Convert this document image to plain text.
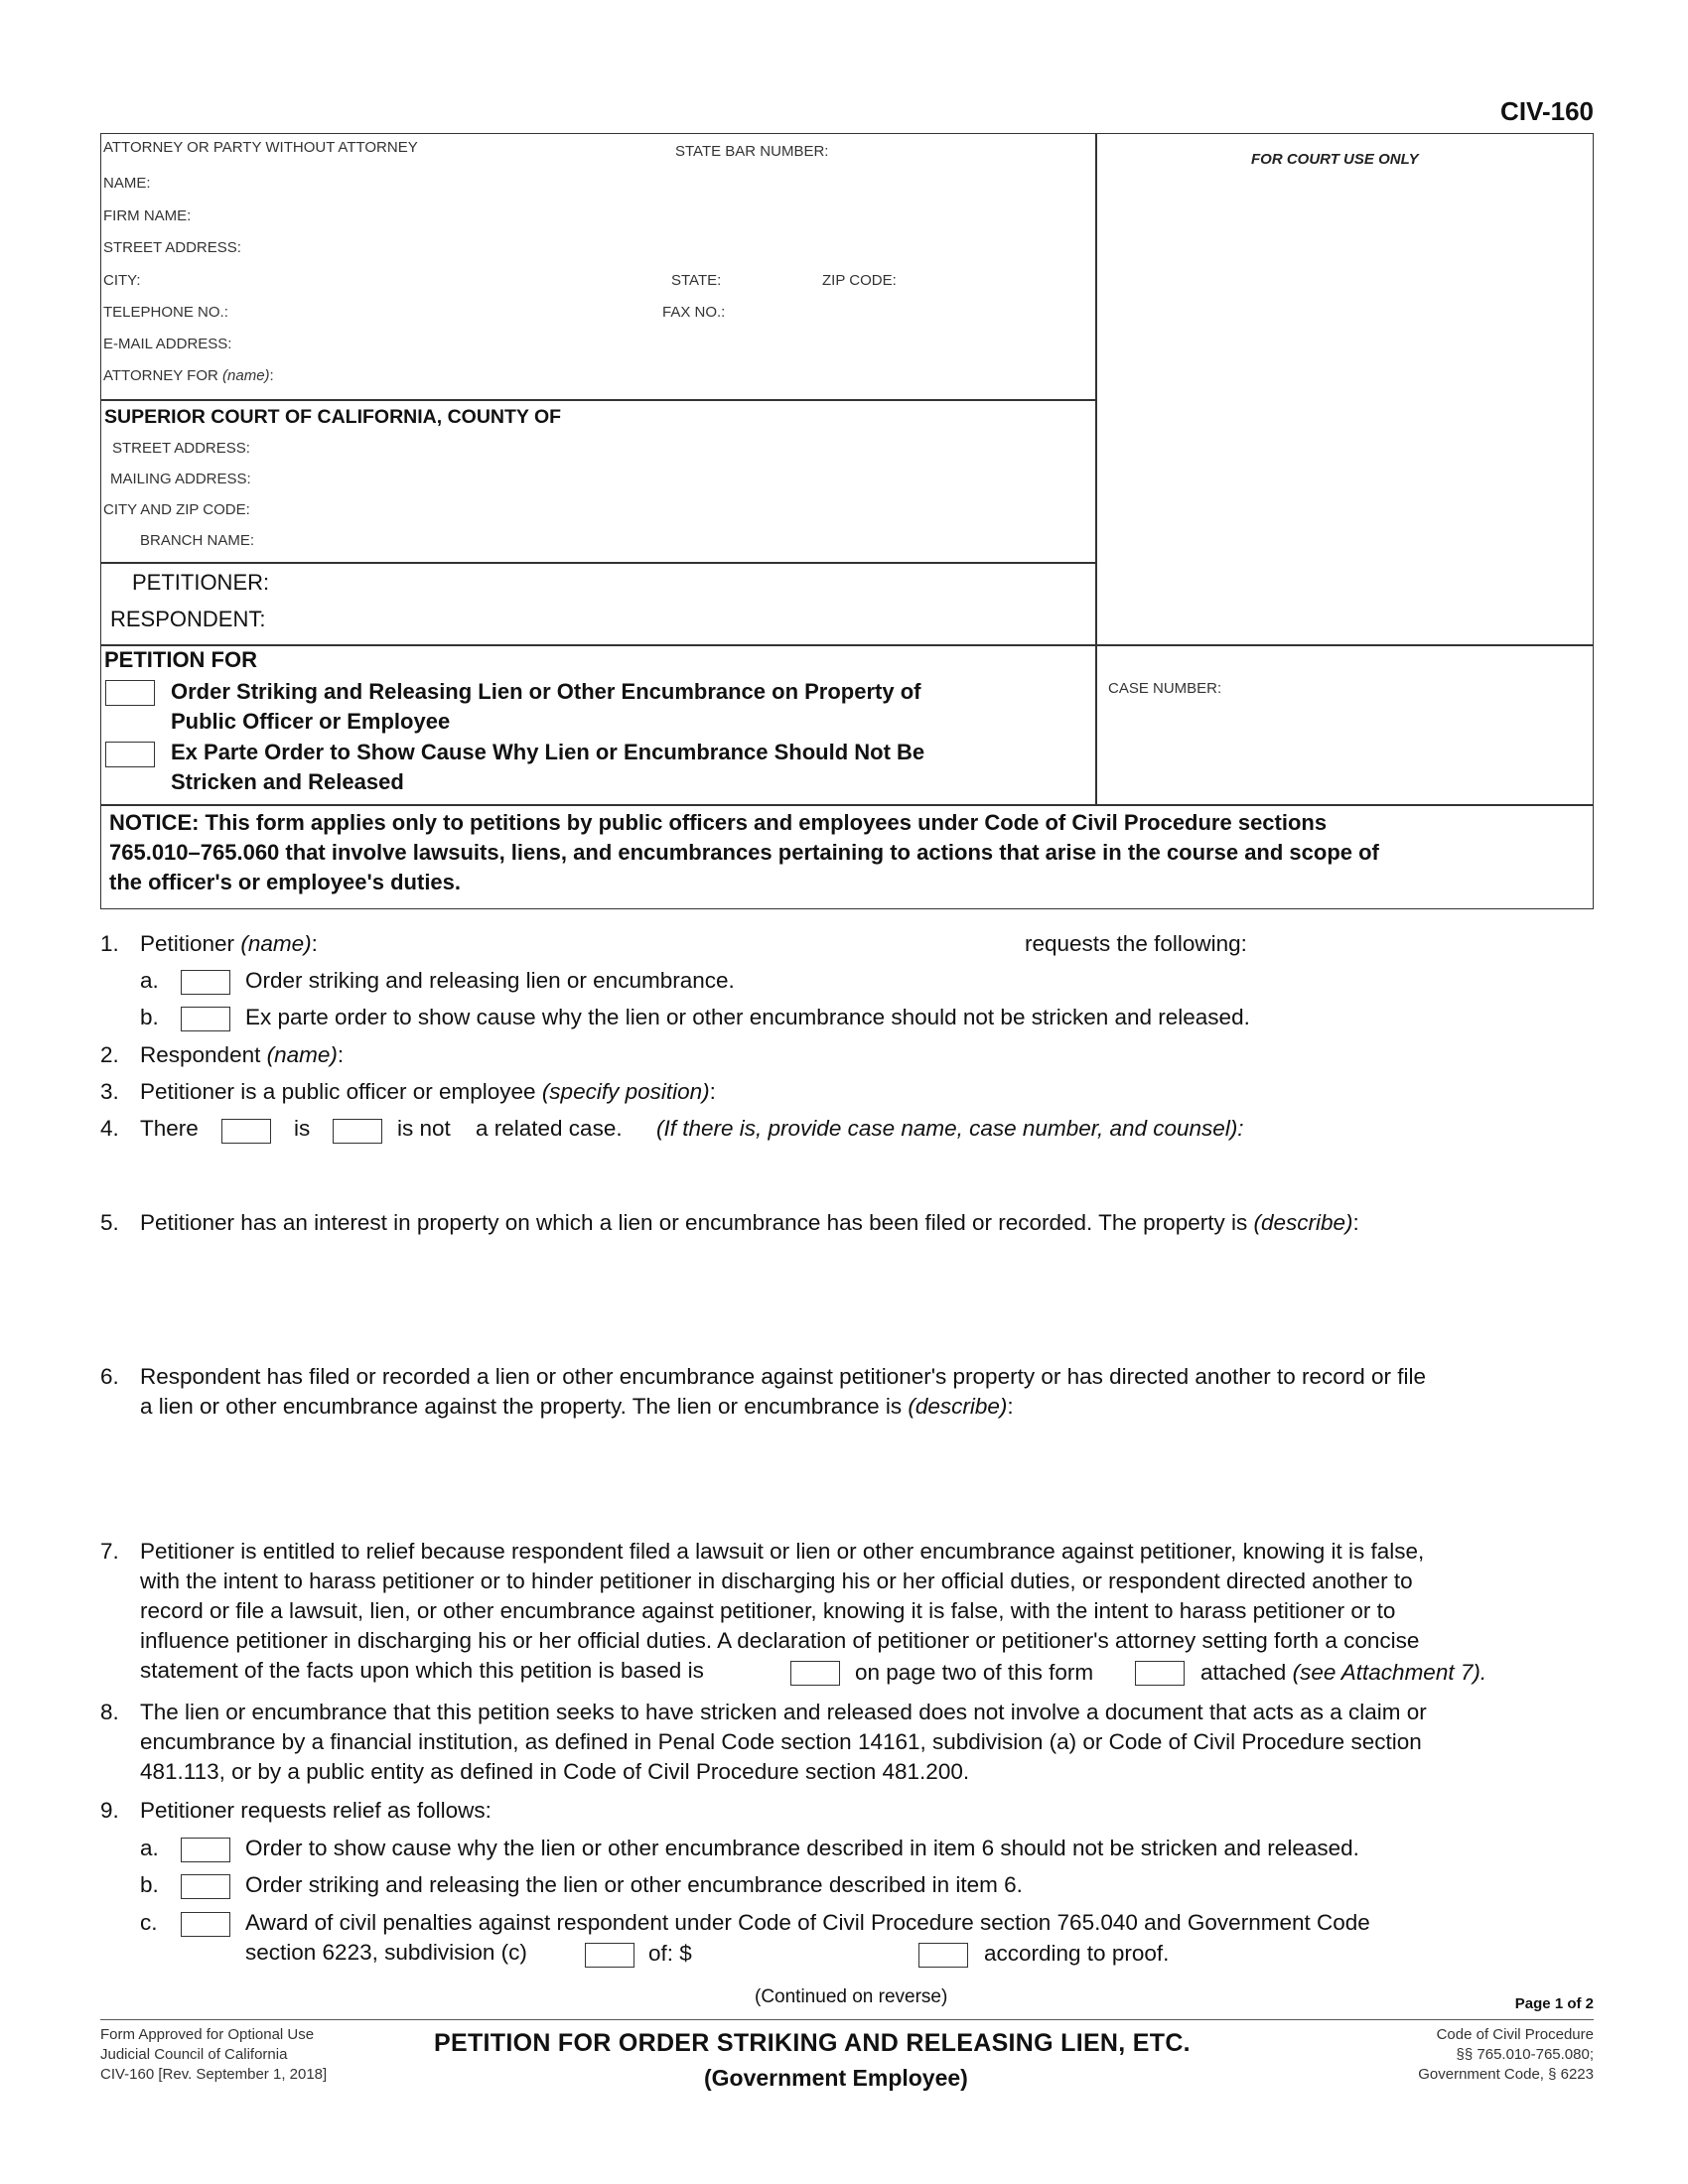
CIV-160
ATTORNEY OR PARTY WITHOUT ATTORNEY	STATE BAR NUMBER:
NAME:
FIRM NAME:
STREET ADDRESS:
CITY:	STATE:	ZIP CODE:
TELEPHONE NO.:	FAX NO.:
E-MAIL ADDRESS:
ATTORNEY FOR (name):
FOR COURT USE ONLY
SUPERIOR COURT OF CALIFORNIA, COUNTY OF
STREET ADDRESS:
MAILING ADDRESS:
CITY AND ZIP CODE:
BRANCH NAME:
PETITIONER:
RESPONDENT:
PETITION FOR
Order Striking and Releasing Lien or Other Encumbrance on Property of
Public Officer or Employee
Ex Parte Order to Show Cause Why Lien or Encumbrance Should Not Be
Stricken and Released
CASE NUMBER:
NOTICE: This form applies only to petitions by public officers and employees under Code of Civil Procedure sections
765.010–765.060 that involve lawsuits, liens, and encumbrances pertaining to actions that arise in the course and scope of
the officer's or employee's duties.
1. Petitioner (name):	requests the following:
a.	Order striking and releasing lien or encumbrance.
b.	Ex parte order to show cause why the lien or other encumbrance should not be stricken and released.
2. Respondent (name):
3. Petitioner is a public officer or employee (specify position):
4. There	is	is not a related case. (If there is, provide case name, case number, and counsel):
5. Petitioner has an interest in property on which a lien or encumbrance has been filed or recorded. The property is (describe):
6. Respondent has filed or recorded a lien or other encumbrance against petitioner's property or has directed another to record or file
a lien or other encumbrance against the property. The lien or encumbrance is (describe):
7. Petitioner is entitled to relief because respondent filed a lawsuit or lien or other encumbrance against petitioner, knowing it is false,
with the intent to harass petitioner or to hinder petitioner in discharging his or her official duties, or respondent directed another to
record or file a lawsuit, lien, or other encumbrance against petitioner, knowing it is false, with the intent to harass petitioner or to
influence petitioner in discharging his or her official duties. A declaration of petitioner or petitioner's attorney setting forth a concise
statement of the facts upon which this petition is based is	on page two of this form	attached (see Attachment 7).
8. The lien or encumbrance that this petition seeks to have stricken and released does not involve a document that acts as a claim or
encumbrance by a financial institution, as defined in Penal Code section 14161, subdivision (a) or Code of Civil Procedure section
481.113, or by a public entity as defined in Code of Civil Procedure section 481.200.
9. Petitioner requests relief as follows:
a.	Order to show cause why the lien or other encumbrance described in item 6 should not be stricken and released.
b.	Order striking and releasing the lien or other encumbrance described in item 6.
c.	Award of civil penalties against respondent under Code of Civil Procedure section 765.040 and Government Code
section 6223, subdivision (c)	of: $	according to proof.
(Continued on reverse)	Page 1 of 2
Form Approved for Optional Use
Judicial Council of California
CIV-160 [Rev. September 1, 2018]
PETITION FOR ORDER STRIKING AND RELEASING LIEN, ETC.
(Government Employee)
Code of Civil Procedure
§§ 765.010-765.080;
Government Code, § 6223
